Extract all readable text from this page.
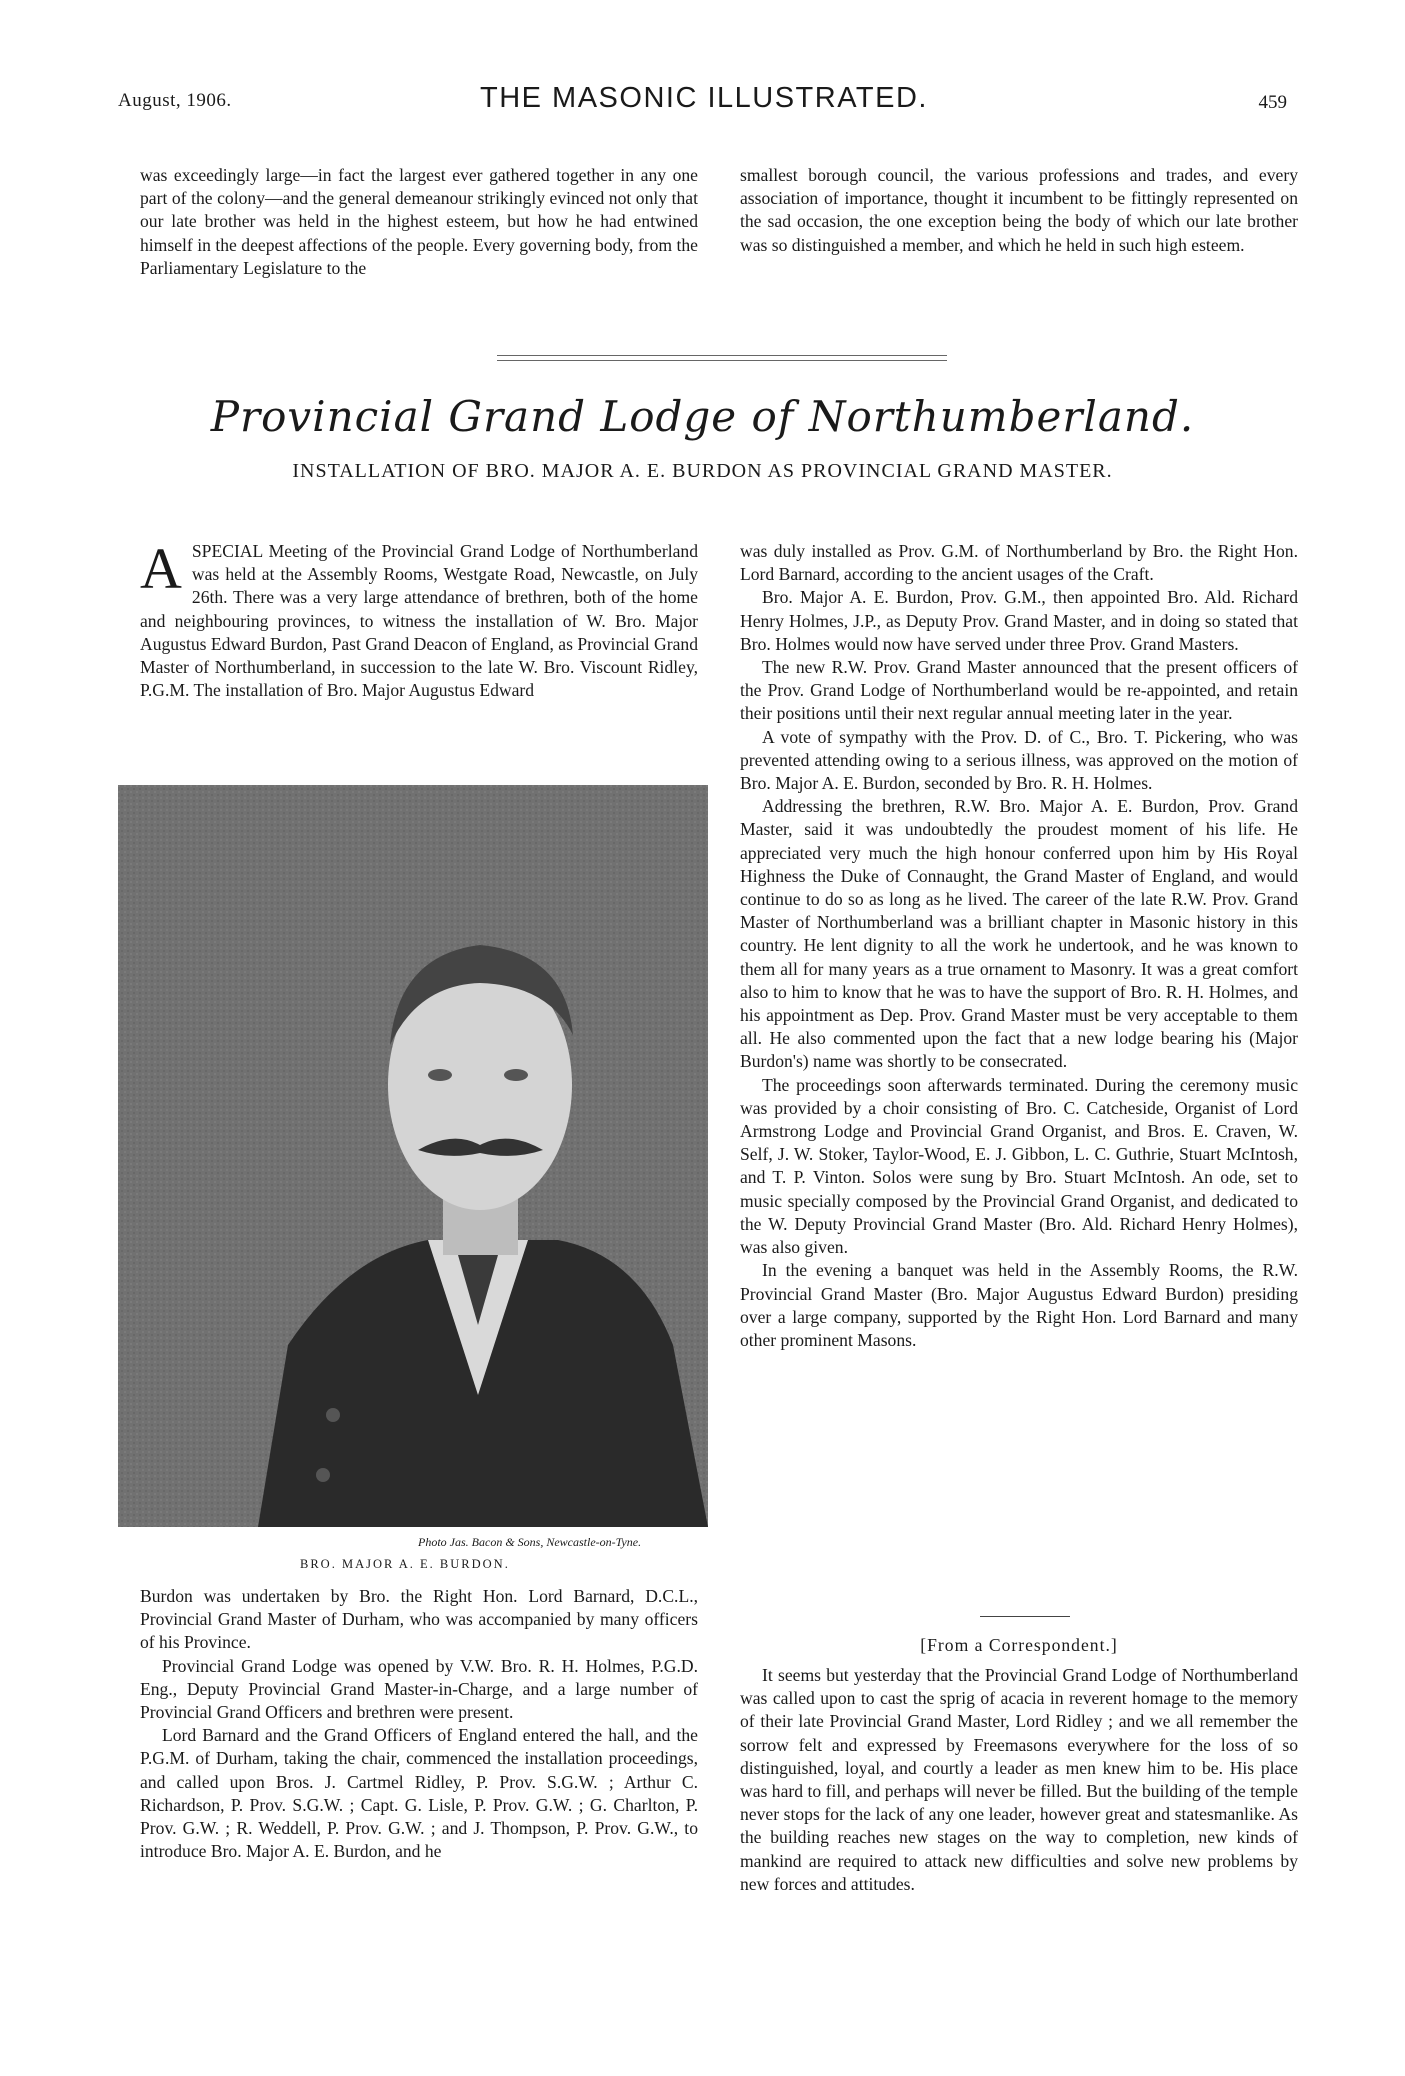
August, 1906.	THE MASONIC ILLUSTRATED.	459

was exceedingly large—in fact the largest ever gathered together in any one part of the colony—and the general demeanour strikingly evinced not only that our late brother was held in the highest esteem, but how he had entwined himself in the deepest affections of the people. Every governing body, from the Parliamentary Legislature to the

smallest borough council, the various professions and trades, and every association of importance, thought it incumbent to be fittingly represented on the sad occasion, the one exception being the body of which our late brother was so distinguished a member, and which he held in such high esteem.

Provincial Grand Lodge of Northumberland.
INSTALLATION OF BRO. MAJOR A. E. BURDON AS PROVINCIAL GRAND MASTER.

A SPECIAL Meeting of the Provincial Grand Lodge of Northumberland was held at the Assembly Rooms, Westgate Road, Newcastle, on July 26th. There was a very large attendance of brethren, both of the home and neighbouring provinces, to witness the installation of W. Bro. Major Augustus Edward Burdon, Past Grand Deacon of England, as Provincial Grand Master of Northumberland, in succession to the late W. Bro. Viscount Ridley, P.G.M. The installation of Bro. Major Augustus Edward

Photo Jas. Bacon & Sons, Newcastle-on-Tyne.
BRO. MAJOR A. E. BURDON.

Burdon was undertaken by Bro. the Right Hon. Lord Barnard, D.C.L., Provincial Grand Master of Durham, who was accompanied by many officers of his Province.

Provincial Grand Lodge was opened by V.W. Bro. R. H. Holmes, P.G.D. Eng., Deputy Provincial Grand Master-in-Charge, and a large number of Provincial Grand Officers and brethren were present.

Lord Barnard and the Grand Officers of England entered the hall, and the P.G.M. of Durham, taking the chair, commenced the installation proceedings, and called upon Bros. J. Cartmel Ridley, P. Prov. S.G.W. ; Arthur C. Richardson, P. Prov. S.G.W. ; Capt. G. Lisle, P. Prov. G.W. ; G. Charlton, P. Prov. G.W. ; R. Weddell, P. Prov. G.W. ; and J. Thompson, P. Prov. G.W., to introduce Bro. Major A. E. Burdon, and he

was duly installed as Prov. G.M. of Northumberland by Bro. the Right Hon. Lord Barnard, according to the ancient usages of the Craft.

Bro. Major A. E. Burdon, Prov. G.M., then appointed Bro. Ald. Richard Henry Holmes, J.P., as Deputy Prov. Grand Master, and in doing so stated that Bro. Holmes would now have served under three Prov. Grand Masters.

The new R.W. Prov. Grand Master announced that the present officers of the Prov. Grand Lodge of Northumberland would be re-appointed, and retain their positions until their next regular annual meeting later in the year.

A vote of sympathy with the Prov. D. of C., Bro. T. Pickering, who was prevented attending owing to a serious illness, was approved on the motion of Bro. Major A. E. Burdon, seconded by Bro. R. H. Holmes.

Addressing the brethren, R.W. Bro. Major A. E. Burdon, Prov. Grand Master, said it was undoubtedly the proudest moment of his life. He appreciated very much the high honour conferred upon him by His Royal Highness the Duke of Connaught, the Grand Master of England, and would continue to do so as long as he lived. The career of the late R.W. Prov. Grand Master of Northumberland was a brilliant chapter in Masonic history in this country. He lent dignity to all the work he undertook, and he was known to them all for many years as a true ornament to Masonry. It was a great comfort also to him to know that he was to have the support of Bro. R. H. Holmes, and his appointment as Dep. Prov. Grand Master must be very acceptable to them all. He also commented upon the fact that a new lodge bearing his (Major Burdon's) name was shortly to be consecrated.

The proceedings soon afterwards terminated. During the ceremony music was provided by a choir consisting of Bro. C. Catcheside, Organist of Lord Armstrong Lodge and Provincial Grand Organist, and Bros. E. Craven, W. Self, J. W. Stoker, Taylor-Wood, E. J. Gibbon, L. C. Guthrie, Stuart McIntosh, and T. P. Vinton. Solos were sung by Bro. Stuart McIntosh. An ode, set to music specially composed by the Provincial Grand Organist, and dedicated to the W. Deputy Provincial Grand Master (Bro. Ald. Richard Henry Holmes), was also given.

In the evening a banquet was held in the Assembly Rooms, the R.W. Provincial Grand Master (Bro. Major Augustus Edward Burdon) presiding over a large company, supported by the Right Hon. Lord Barnard and many other prominent Masons.

[From a Correspondent.]

It seems but yesterday that the Provincial Grand Lodge of Northumberland was called upon to cast the sprig of acacia in reverent homage to the memory of their late Provincial Grand Master, Lord Ridley ; and we all remember the sorrow felt and expressed by Freemasons everywhere for the loss of so distinguished, loyal, and courtly a leader as men knew him to be. His place was hard to fill, and perhaps will never be filled. But the building of the temple never stops for the lack of any one leader, however great and statesmanlike. As the building reaches new stages on the way to completion, new kinds of mankind are required to attack new difficulties and solve new problems by new forces and attitudes.
